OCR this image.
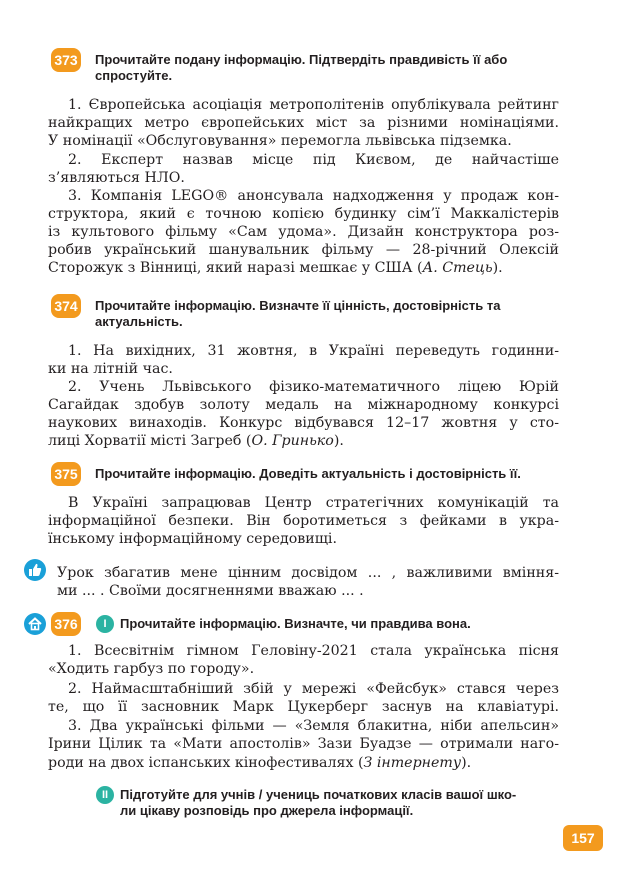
373 Прочитайте подану інформацію. Підтвердіть правдивість її або спростуйте.
1. Європейська асоціація метрополітенів опублікувала рейтинг
найкращих метро європейських міст за різними номінаціями.
У номінації «Обслуговування» перемогла львівська підземка.
2. Експерт назвав місце під Києвом, де найчастіше
з’являються НЛО.
3. Компанія LEGO® анонсувала надходження у продаж кон-
структора, який є точною копією будинку сім’ї Маккалістерів
із культового фільму «Сам удома». Дизайн конструктора роз-
робив український шанувальник фільму — 28-річний Олексій
Сторожук з Вінниці, який наразі мешкає у США (А. Стець).
374 Прочитайте інформацію. Визначте її цінність, достовірність та актуальність.
1. На вихідних, 31 жовтня, в Україні переведуть годинни-
ки на літній час.
2. Учень Львівського фізико-математичного ліцею Юрій
Сагайдак здобув золоту медаль на міжнародному конкурсі
наукових винаходів. Конкурс відбувався 12–17 жовтня у сто-
лиці Хорватії місті Загреб (О. Гринько).
375 Прочитайте інформацію. Доведіть актуальність і достовірність її.
В Україні запрацював Центр стратегічних комунікацій та
інформаційної безпеки. Він боротиметься з фейками в укра-
їнському інформаційному середовищі.
Урок збагатив мене цінним досвідом ... , важливими вміння-
ми ... . Своїми досягненнями вважаю ... .
376	I	Прочитайте інформацію. Визначте, чи правдива вона.
1. Всесвітнім гімном Геловіну-2021 стала українська пісня
«Ходить гарбуз по городу».
2. Наймасштабніший збій у мережі «Фейсбук» стався через
те, що її засновник Марк Цукерберг заснув на клавіатурі.
3. Два українські фільми — «Земля блакитна, ніби апельсин»
Ірини Цілик та «Мати апостолів» Зази Буадзе — отримали наго-
роди на двох іспанських кінофестивалях (З інтернету).
II Підготуйте для учнів / учениць початкових класів вашої шко-
ли цікаву розповідь про джерела інформації.
157
